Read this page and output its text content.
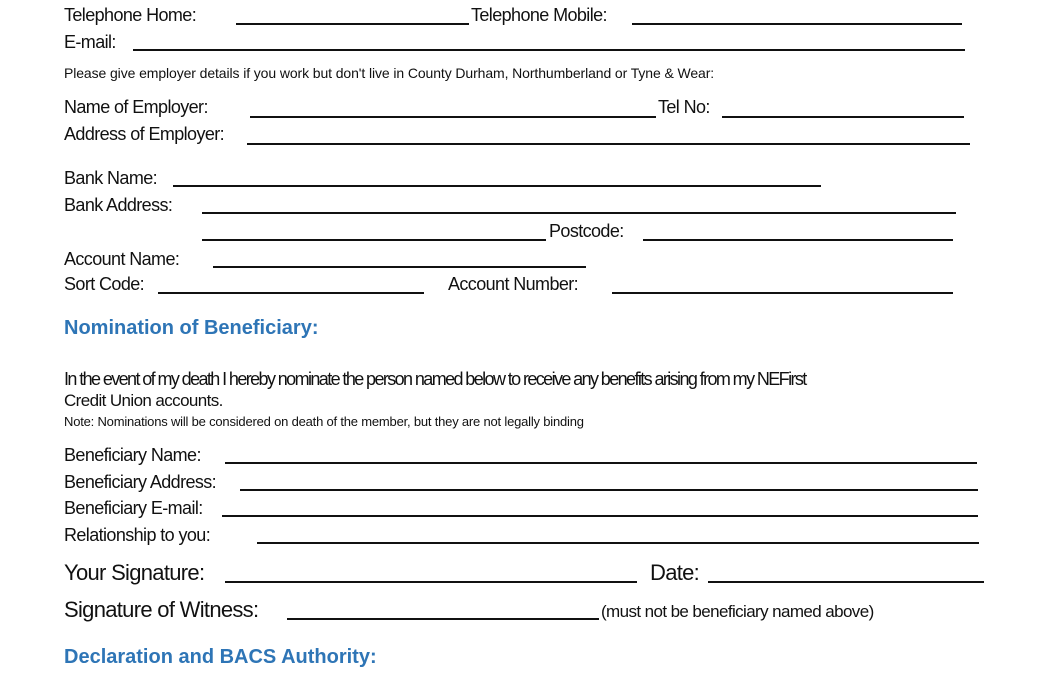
Telephone Home:	Telephone Mobile:
E-mail:
Please give employer details if you work but don't live in County Durham, Northumberland or Tyne & Wear:
Name of Employer:	Tel No:
Address of Employer:
Bank Name:
Bank Address:
Postcode:
Account Name:
Sort Code:	Account Number:
Nomination of Beneficiary:
In the event of my death I hereby nominate the person named below to receive any benefits arising from my NEFirst
Credit Union accounts.
Note: Nominations will be considered on death of the member, but they are not legally binding
Beneficiary Name:
Beneficiary Address:
Beneficiary E-mail:
Relationship to you:
Your Signature:	Date:
Signature of Witness:	(must not be beneficiary named above)
Declaration and BACS Authority:
